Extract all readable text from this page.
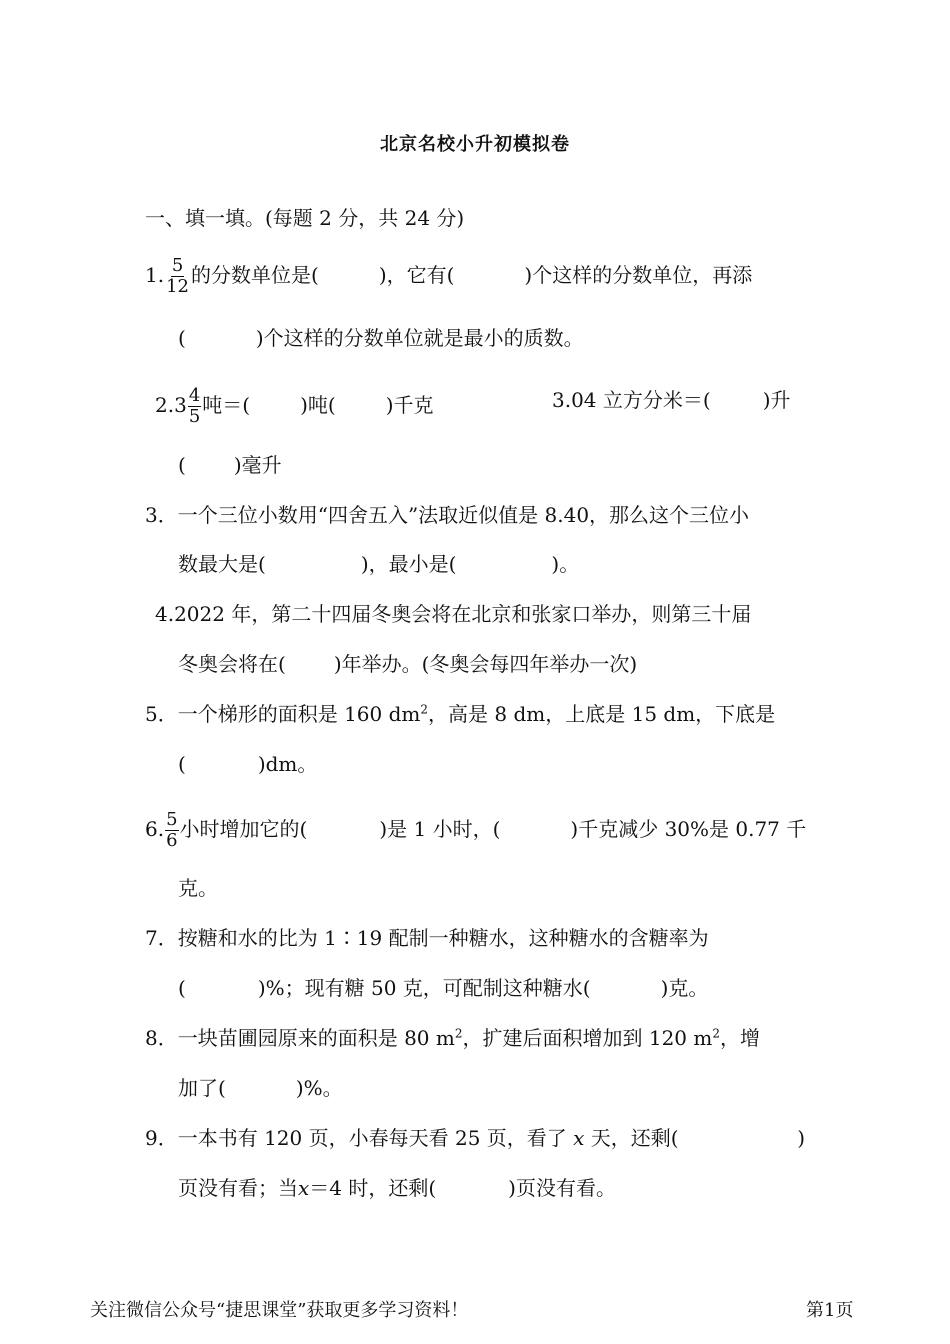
北京名校小升初模拟卷
一、填一填。(每题 2 分，共 24 分)
1. $\frac{5}{12}$ 的分数单位是(	)，它有(	)个这样的分数单位，再添
(	)个这样的分数单位就是最小的质数。
$2.3 \frac{4}{5}$ 吨＝(	)吨(	)千克	3.04 立方分米＝(	)升
( )毫升
3．一个三位小数用“四舍五入”法取近似值是 8.40，那么这个三位小
数最大是(	)，最小是(	)。
4.2022 年，第二十四届冬奥会将在北京和张家口举办，则第三十届
冬奥会将在( )年举办。(冬奥会每四年举办一次)
5．一个梯形的面积是 160 $dm^2$，高是 8 dm，上底是 15 dm，下底是
(	)dm。
6. $\frac{5}{6}$ 小时增加它的(	)是 1 小时，(	)千克减少 30%是 0.77 千
克。
7．按糖和水的比为 1∶19 配制一种糖水，这种糖水的含糖率为
(	)%；现有糖 50 克，可配制这种糖水(	)克。
8．一块苗圃园原来的面积是 80 $m^2$，扩建后面积增加到 120 $m^2$，增
加了(	)%。
9．一本书有 120 页，小春每天看 25 页，看了 x 天，还剩(	)
页没有看；当x＝4 时，还剩(	)页没有看。
关注微信公众号“捷思课堂”获取更多学习资料！	第1页
